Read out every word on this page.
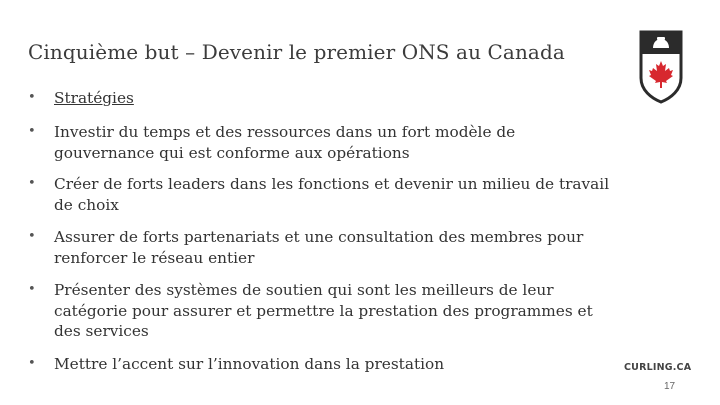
Cinquième but – Devenir le premier ONS au Canada
• Stratégies
• Investir du temps et des ressources dans un fort modèle de gouvernance qui est conforme aux opérations
• Créer de forts leaders dans les fonctions et devenir un milieu de travail de choix
• Assurer de forts partenariats et une consultation des membres pour renforcer le réseau entier
• Présenter des systèmes de soutien qui sont les meilleurs de leur catégorie pour assurer et permettre la prestation des programmes et des services
• Mettre l’accent sur l’innovation dans la prestation	CURLING.CA
17
